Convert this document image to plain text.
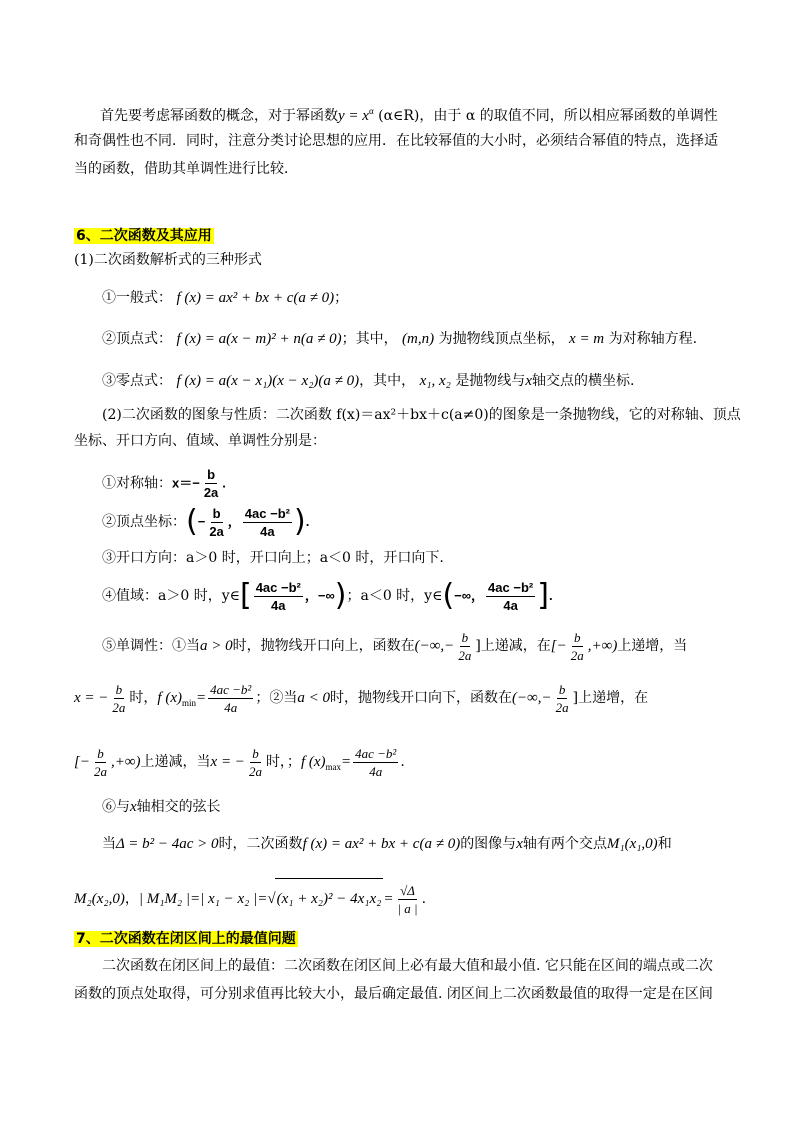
首先要考虑幂函数的概念，对于幂函数$y = x^\alpha$ (α∈R)，由于 α 的取值不同，所以相应幂函数的单调性
和奇偶性也不同．同时，注意分类讨论思想的应用．在比较幂值的大小时，必须结合幂值的特点，选择适
当的函数，借助其单调性进行比较．
6、二次函数及其应用
(1)二次函数解析式的三种形式
①一般式： f (x) = ax² + bx + c(a ≠ 0)；
②顶点式： f (x) = a(x − m)² + n(a ≠ 0)；其中， (m,n) 为抛物线顶点坐标， x = m 为对称轴方程.
③零点式： f (x) = a(x − x₁)(x − x₂)(a ≠ 0)，其中， x₁, x₂ 是抛物线与x轴交点的横坐标.
(2)二次函数的图象与性质：二次函数 f(x)＝ax²＋bx＋c(a≠0)的图象是一条抛物线，它的对称轴、顶点
坐标、开口方向、值域、单调性分别是：
①对称轴：$x=- \frac{b}{2a}$ .
②顶点坐标：(− $\frac{b}{2a}$ ， $\frac{\text{4ac −b²}}{4a}$ ).
③开口方向：a＞0 时，开口向上；a＜0 时，开口向下.
④值域：a＞0 时，y∈[ $\frac{\text{4ac −b²}}{4a}$ ，−∞)；a＜0 时，y∈(−∞， $\frac{\text{4ac −b²}}{4a}$ ].
⑤单调性：①当a > 0时，抛物线开口向上，函数在(−∞,− $\frac{b}{2a}$ ]上递减，在[− $\frac{b}{2a}$ ,+∞)上递增，当
x = − $\frac{b}{2a}$ 时，f $(x)_{min}= \frac{\text{4ac −b²}}{4a}$ ；②当a < 0时，抛物线开口向下，函数在(−∞,− $\frac{b}{2a}$ ]上递增，在
[− $\frac{b}{2a}$ ,+∞)上递减，当x = − $\frac{b}{2a}$ 时，；f $(x)_{max}= \frac{\text{4ac −b²}}{4a}$ .
⑥与x轴相交的弦长
当Δ = b² − 4ac > 0时，二次函数f (x) = ax² + bx + c(a ≠ 0)的图像与x轴有两个交点M₁(x₁,0)和
M₂(x₂,0)，| M₁M₂ |=| x₁ − x₂ $|=√(x_1 + x_2)^2 - 4x_1x_2 = \frac{√\Delta}{| a |}$ .
7、二次函数在闭区间上的最值问题
二次函数在闭区间上的最值：二次函数在闭区间上必有最大值和最小值. 它只能在区间的端点或二次
函数的顶点处取得，可分别求值再比较大小，最后确定最值. 闭区间上二次函数最值的取得一定是在区间
